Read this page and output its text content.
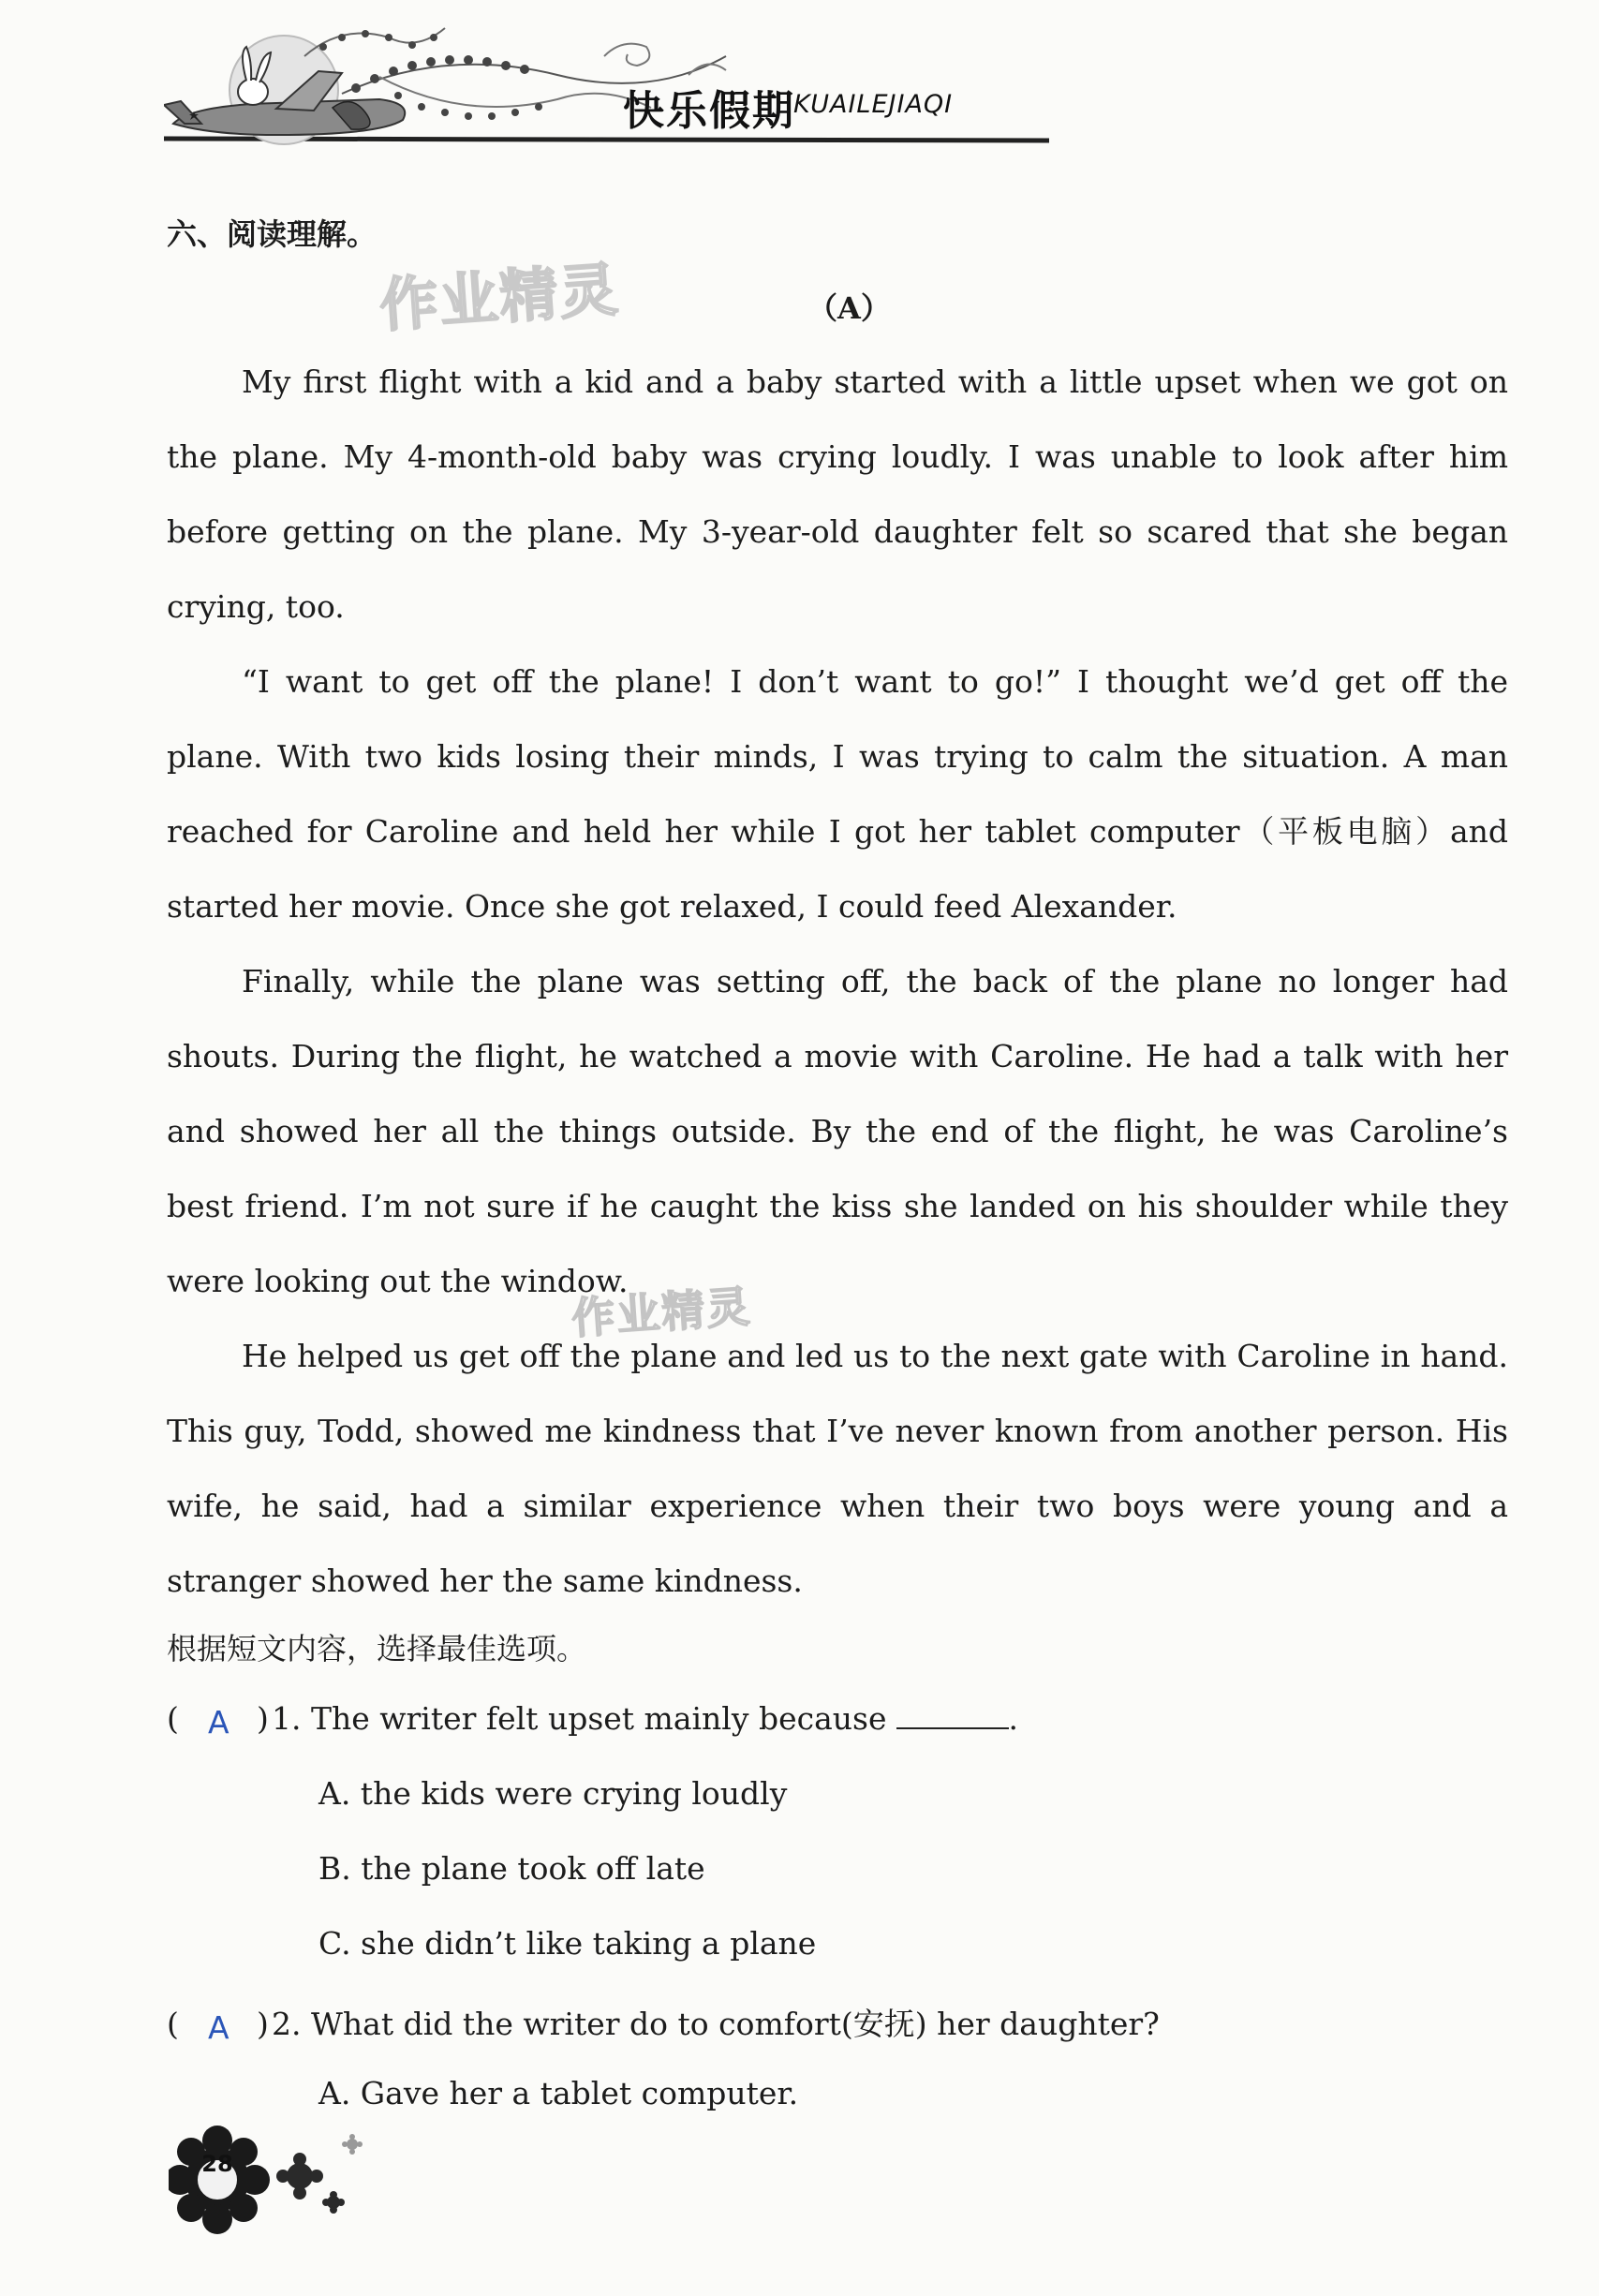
快乐假期
KUAILEJIAQI
六、阅读理解。
作业精灵	（A）

My first flight with a kid and a baby started with a little upset when we got on the plane. My 4-month-old baby was crying loudly. I was unable to look after him before getting on the plane. My 3-year-old daughter felt so scared that she began crying, too.

“I want to get off the plane! I don’t want to go!” I thought we’d get off the plane. With two kids losing their minds, I was trying to calm the situation. A man reached for Caroline and held her while I got her tablet computer（平板电脑）and started her movie. Once she got relaxed, I could feed Alexander.

Finally, while the plane was setting off, the back of the plane no longer had shouts. During the flight, he watched a movie with Caroline. He had a talk with her and showed her all the things outside. By the end of the flight, he was Caroline’s best friend. I’m not sure if he caught the kiss she landed on his shoulder while they were looking out the window.

He helped us get off the plane and led us to the next gate with Caroline in hand. This guy, Todd, showed me kindness that I’ve never known from another person. His wife, he said, had a similar experience when their two boys were young and a stranger showed her the same kindness.

作业精灵
根据短文内容，选择最佳选项。
( A ) 1. The writer felt upset mainly because	.
A. the kids were crying loudly
B. the plane took off late
C. she didn’t like taking a plane
( A ) 2. What did the writer do to comfort(安抚) her daughter?
A. Gave her a tablet computer.
28
